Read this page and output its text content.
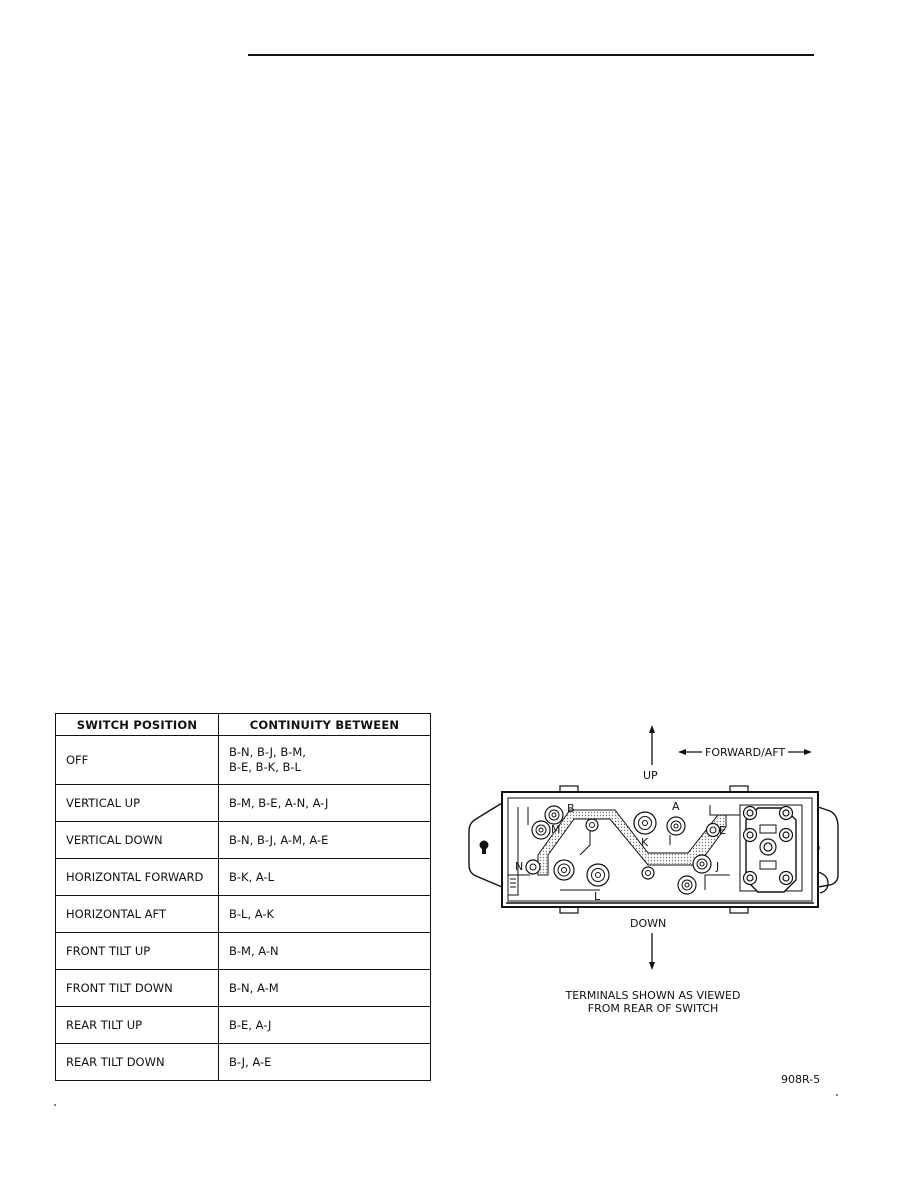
SWITCH POSITION	CONTINUITY BETWEEN
OFF	B-N, B-J, B-M,
B-E, B-K, B-L

VERTICAL UP	B-M, B-E, A-N, A-J
VERTICAL DOWN	B-N, B-J, A-M, A-E
HORIZONTAL FORWARD	B-K, A-L
HORIZONTAL AFT	B-L, A-K
FRONT TILT UP	B-M, A-N
FRONT TILT DOWN	B-N, A-M
REAR TILT UP	B-E, A-J
REAR TILT DOWN	B-J, A-E
UP
FORWARD/AFT
B
M
A
K
E
N
L
J
DOWN
TERMINALS SHOWN AS VIEWED
FROM REAR OF SWITCH
908R-5
